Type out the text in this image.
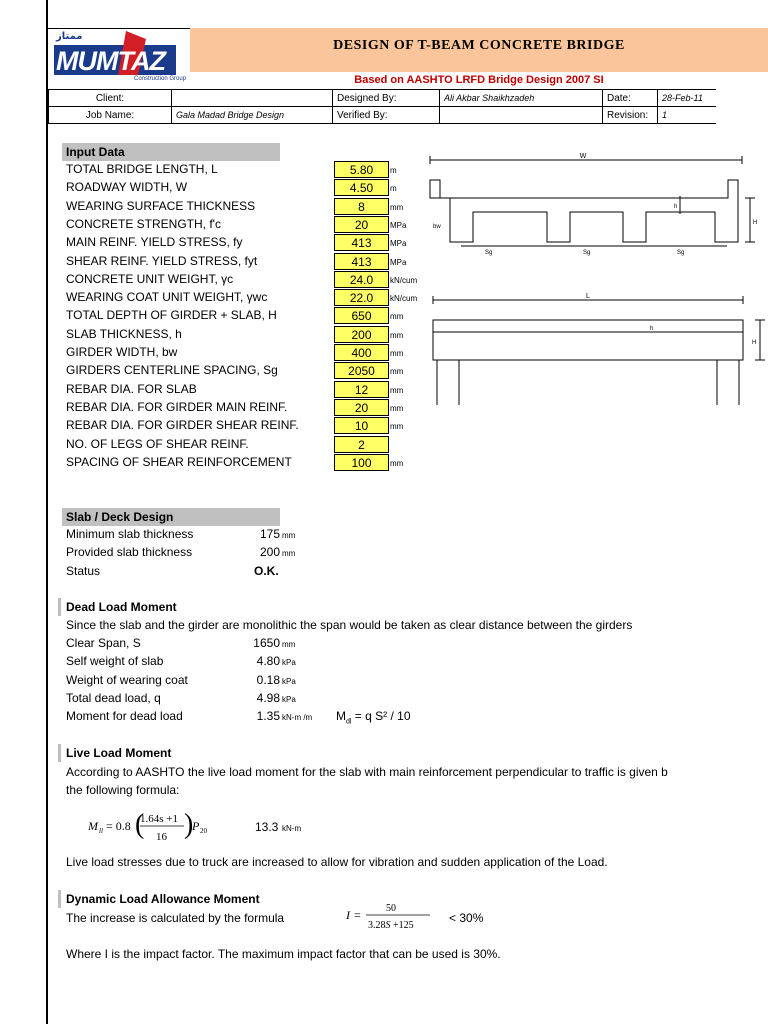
ممتاز
MUMTAZ
Construction Group
DESIGN OF T-BEAM CONCRETE BRIDGE
Based on AASHTO LRFD Bridge Design 2007 SI
Client:		Designed By:	Ali Akbar Shaikhzadeh	Date:	28-Feb-11
Job Name:	Gala Madad Bridge Design	Verified By:		Revision:	1
Input Data
TOTAL BRIDGE LENGTH, L	5.80	m
ROADWAY WIDTH, W	4.50	m
WEARING SURFACE THICKNESS	8	mm
CONCRETE STRENGTH, f'c	20	MPa
MAIN REINF. YIELD STRESS, fy	413	MPa
SHEAR REINF. YIELD STRESS, fyt	413	MPa
CONCRETE UNIT WEIGHT, γc	24.0	kN/cum
WEARING COAT UNIT WEIGHT, γwc	22.0	kN/cum
TOTAL DEPTH OF GIRDER + SLAB, H	650	mm
SLAB THICKNESS, h	200	mm
GIRDER WIDTH, bw	400	mm
GIRDERS CENTERLINE SPACING, Sg	2050	mm
REBAR DIA. FOR SLAB	12	mm
REBAR DIA. FOR GIRDER MAIN REINF.	20	mm
REBAR DIA. FOR GIRDER SHEAR REINF.	10	mm
NO. OF LEGS OF SHEAR REINF.	2
SPACING OF SHEAR REINFORCEMENT	100	mm
W
h
H
bw
Sg	Sg	Sg
L
h
H
Slab / Deck Design
Minimum slab thickness	175 mm
Provided slab thickness	200 mm
Status	O.K.
Dead Load Moment
Since the slab and the girder are monolithic the span would be taken as clear distance between the girders
Clear Span, S	1650 mm
Self weight of slab	4.80 kPa
Weight of wearing coat	0.18 kPa
Total dead load, q	4.98 kPa
Moment for dead load	1.35 kN-m /m $M_{dl} = q$ S² / 10
Live Load Moment
According to AASHTO the live load moment for the slab with main reinforcement perpendicular to traffic is given b
the following formula:
M ll = 0.8 (
1.64s +1
16 )
P 20	13.3 kN-m
Live load stresses due to truck are increased to allow for vibration and sudden application of the Load.
Dynamic Load Allowance Moment
The increase is calculated by the formula	I =	50
3.28S +125
< 30%
Where I is the impact factor. The maximum impact factor that can be used is 30%.
